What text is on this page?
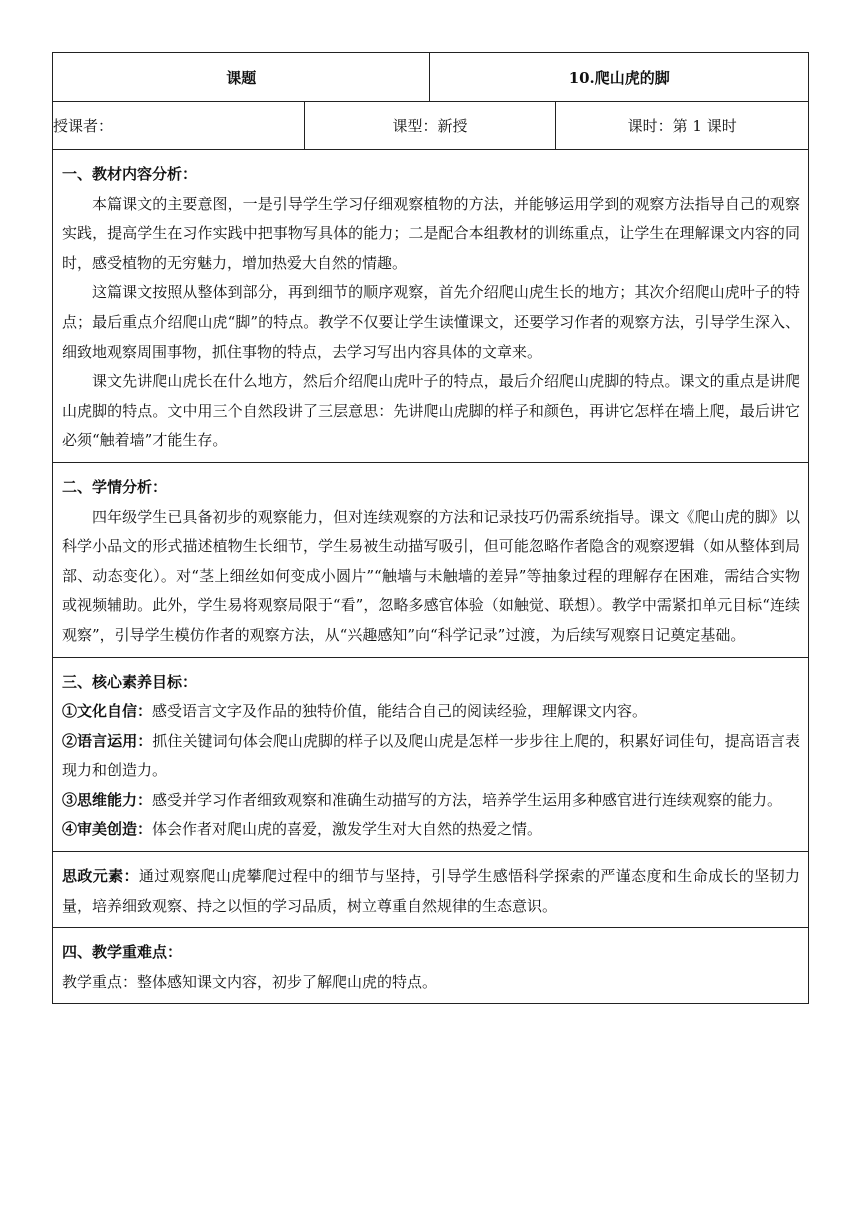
课题		10.爬山虎的脚	
授课者：	课型：新授		课时：第 1 课时

一、教材内容分析：
本篇课文的主要意图，一是引导学生学习仔细观察植物的方法，并能够运用学到的观察方法指导自己的观察实践，提高学生在习作实践中把事物写具体的能力；二是配合本组教材的训练重点，让学生在理解课文内容的同时，感受植物的无穷魅力，增加热爱大自然的情趣。
这篇课文按照从整体到部分，再到细节的顺序观察，首先介绍爬山虎生长的地方；其次介绍爬山虎叶子的特点；最后重点介绍爬山虎“脚”的特点。教学不仅要让学生读懂课文，还要学习作者的观察方法，引导学生深入、细致地观察周围事物，抓住事物的特点，去学习写出内容具体的文章来。
课文先讲爬山虎长在什么地方，然后介绍爬山虎叶子的特点，最后介绍爬山虎脚的特点。课文的重点是讲爬山虎脚的特点。文中用三个自然段讲了三层意思：先讲爬山虎脚的样子和颜色，再讲它怎样在墙上爬，最后讲它必须“触着墙”才能生存。			

二、学情分析：
四年级学生已具备初步的观察能力，但对连续观察的方法和记录技巧仍需系统指导。课文《爬山虎的脚》以科学小品文的形式描述植物生长细节，学生易被生动描写吸引，但可能忽略作者隐含的观察逻辑（如从整体到局部、动态变化）。对“茎上细丝如何变成小圆片”“触墙与未触墙的差异”等抽象过程的理解存在困难，需结合实物或视频辅助。此外，学生易将观察局限于“看”，忽略多感官体验（如触觉、联想）。教学中需紧扣单元目标“连续观察”，引导学生模仿作者的观察方法，从“兴趣感知”向“科学记录”过渡，为后续写观察日记奠定基础。			

三、核心素养目标：
①文化自信：感受语言文字及作品的独特价值，能结合自己的阅读经验，理解课文内容。
②语言运用：抓住关键词句体会爬山虎脚的样子以及爬山虎是怎样一步步往上爬的，积累好词佳句，提高语言表现力和创造力。
③思维能力：感受并学习作者细致观察和准确生动描写的方法，培养学生运用多种感官进行连续观察的能力。
④审美创造：体会作者对爬山虎的喜爱，激发学生对大自然的热爱之情。			

思政元素：通过观察爬山虎攀爬过程中的细节与坚持，引导学生感悟科学探索的严谨态度和生命成长的坚韧力量，培养细致观察、持之以恒的学习品质，树立尊重自然规律的生态意识。			

四、教学重难点：
教学重点：整体感知课文内容，初步了解爬山虎的特点。			
